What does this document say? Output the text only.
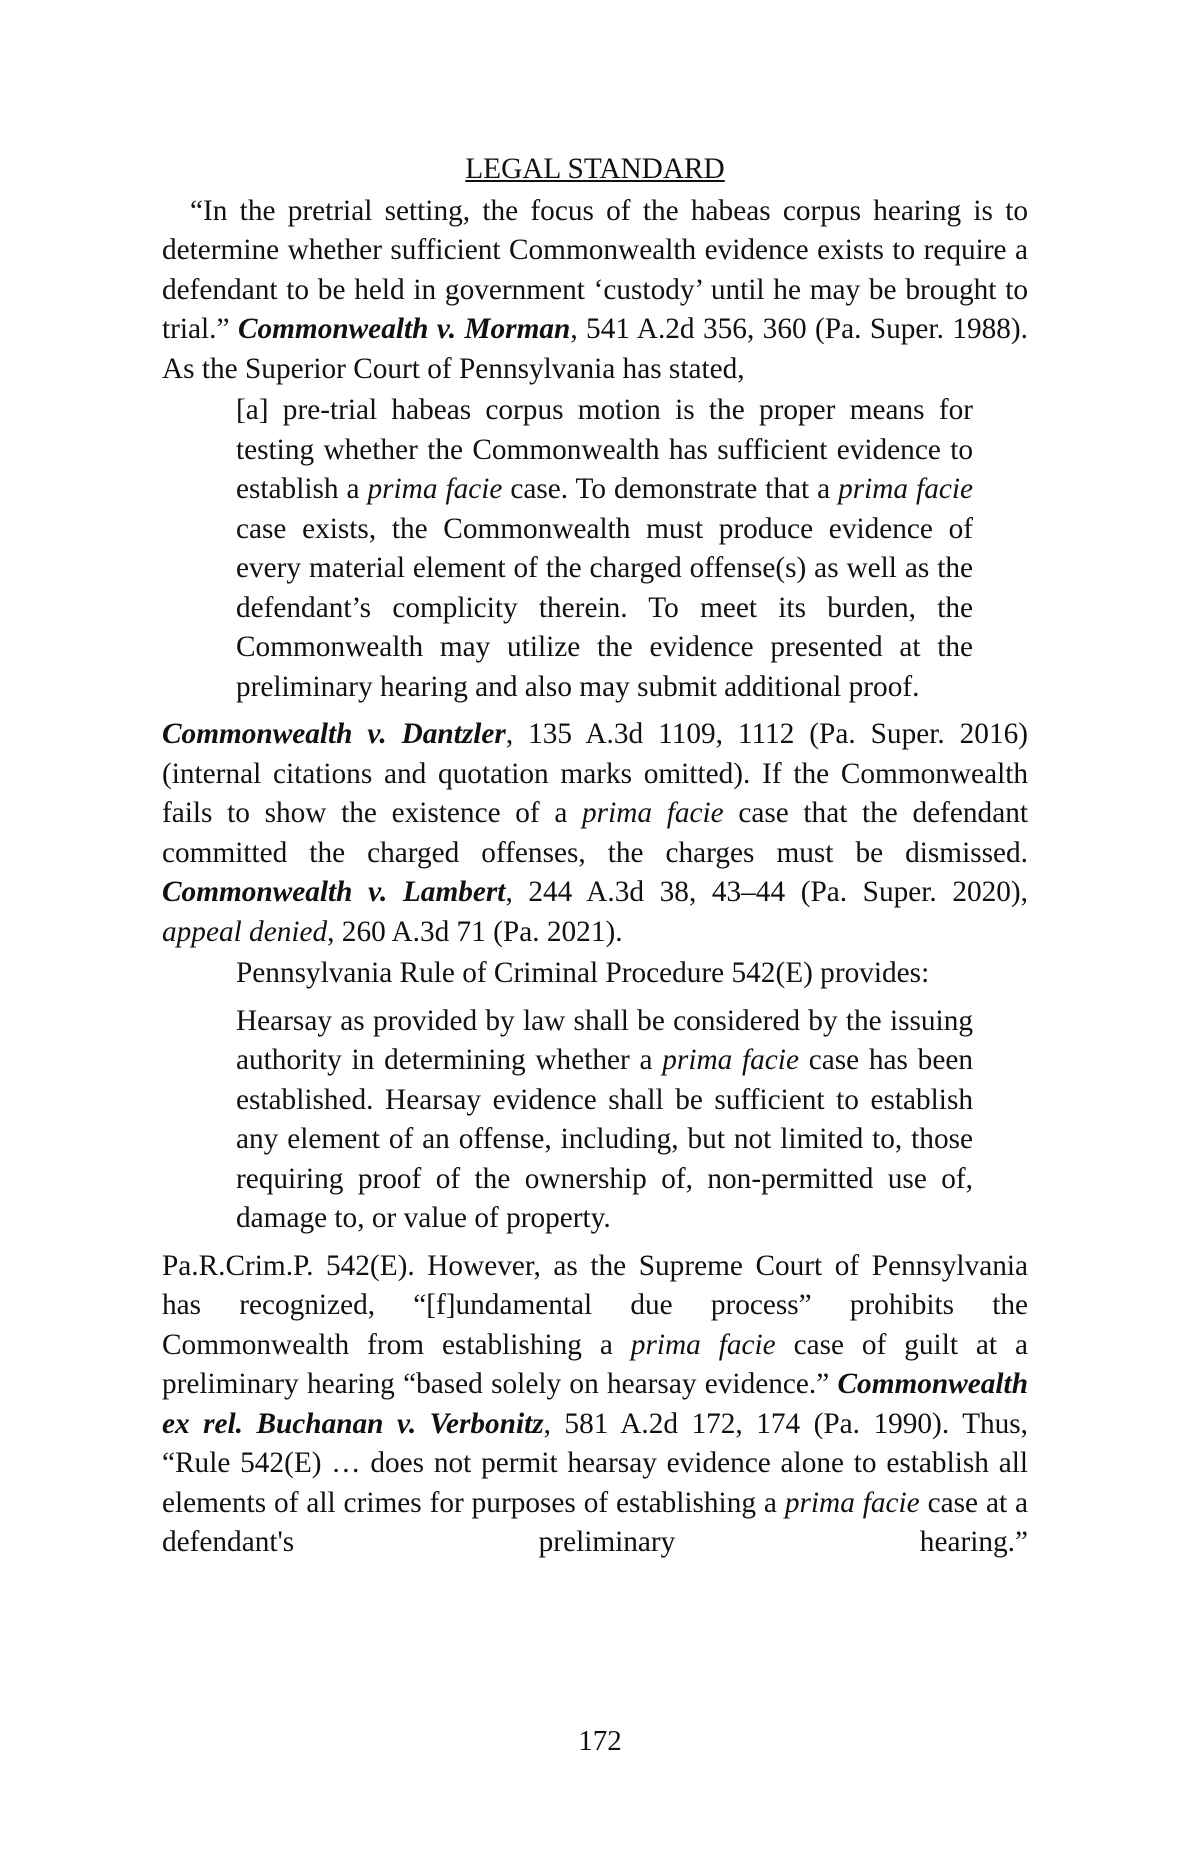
LEGAL STANDARD

“In the pretrial setting, the focus of the habeas corpus hearing is to determine whether sufficient Commonwealth evidence exists to require a defendant to be held in government ‘custody’ until he may be brought to trial.” Commonwealth v. Morman, 541 A.2d 356, 360 (Pa. Super. 1988). As the Superior Court of Pennsylvania has stated,

[a] pre-trial habeas corpus motion is the proper means for testing whether the Commonwealth has sufficient evidence to establish a prima facie case. To demonstrate that a prima facie case exists, the Commonwealth must produce evidence of every material element of the charged offense(s) as well as the defendant’s complicity therein. To meet its burden, the Commonwealth may utilize the evidence presented at the preliminary hearing and also may submit additional proof.

Commonwealth v. Dantzler, 135 A.3d 1109, 1112 (Pa. Super. 2016) (internal citations and quotation marks omitted). If the Commonwealth fails to show the existence of a prima facie case that the defendant committed the charged offenses, the charges must be dismissed. Commonwealth v. Lambert, 244 A.3d 38, 43–44 (Pa. Super. 2020), appeal denied, 260 A.3d 71 (Pa. 2021).

Pennsylvania Rule of Criminal Procedure 542(E) provides:

Hearsay as provided by law shall be considered by the issuing authority in determining whether a prima facie case has been established. Hearsay evidence shall be sufficient to establish any element of an offense, including, but not limited to, those requiring proof of the ownership of, non-permitted use of, damage to, or value of property.

Pa.R.Crim.P. 542(E). However, as the Supreme Court of Pennsylvania has recognized, “[f]undamental due process” prohibits the Commonwealth from establishing a prima facie case of guilt at a preliminary hearing “based solely on hearsay evidence.” Commonwealth ex rel. Buchanan v. Verbonitz, 581 A.2d 172, 174 (Pa. 1990). Thus, “Rule 542(E) … does not permit hearsay evidence alone to establish all elements of all crimes for purposes of establishing a prima facie case at a defendant's preliminary hearing.”

172
